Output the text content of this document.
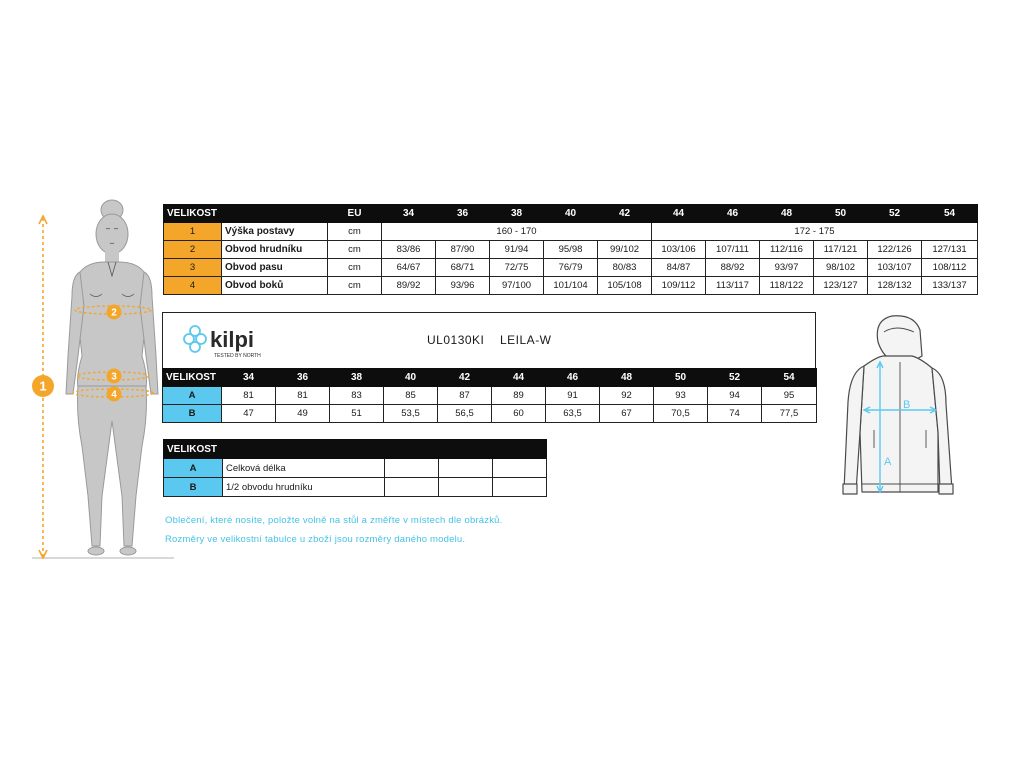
1
2
3
4
VELIKOST		EU	34	36	38	40	42	44	46	48	50	52	54
1	Výška postavy	cm	160 - 170					172 - 175					
2	Obvod hrudníku	cm	83/86	87/90	91/94	95/98	99/102	103/106	107/111	112/116	117/121	122/126	127/131
3	Obvod pasu	cm	64/67	68/71	72/75	76/79	80/83	84/87	88/92	93/97	98/102	103/107	108/112
4	Obvod boků	cm	89/92	93/96	97/100	101/104	105/108	109/112	113/117	118/122	123/127	128/132	133/137
kilpi
TESTED BY NORTH
UL0130KI LEILA-W
VELIKOST	34	36	38	40	42	44	46	48	50	52	54
A	81	81	83	85	87	89	91	92	93	94	95
B	47	49	51	53,5	56,5	60	63,5	67	70,5	74	77,5
VELIKOST				
A	Celková délka			
B	1/2 obvodu hrudníku			
Oblečení, které nosíte, položte volně na stůl a změřte v místech dle obrázků.
Rozměry ve velikostní tabulce u zboží jsou rozměry daného modelu.
A
B
